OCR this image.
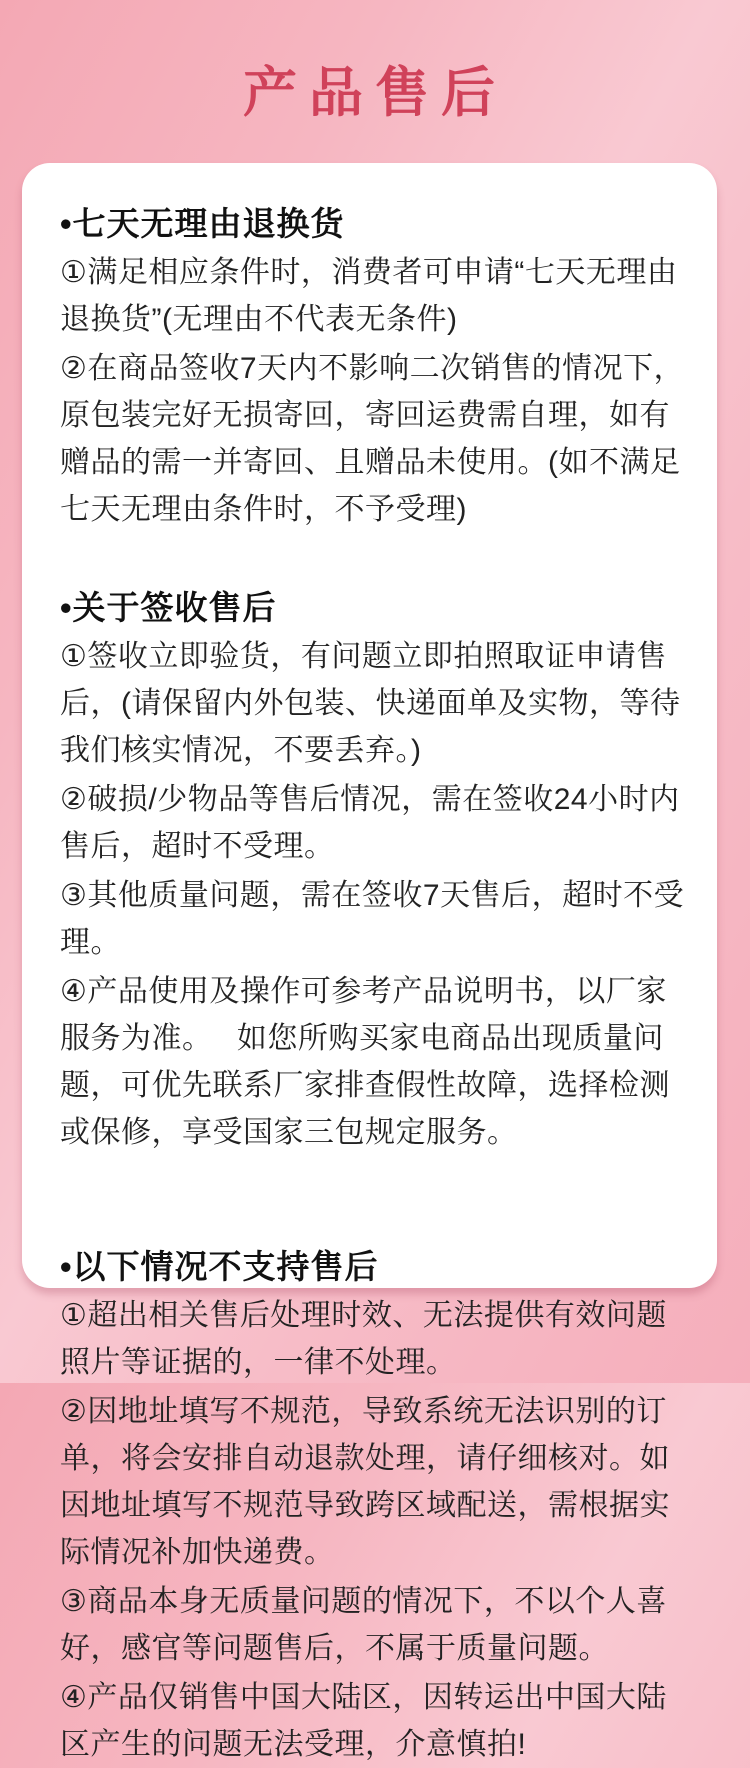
产品售后
•七天无理由退换货

①满足相应条件时，消费者可申请“七天无理由退换货”(无理由不代表无条件)

②在商品签收7天内不影响二次销售的情况下，原包装完好无损寄回，寄回运费需自理，如有赠品的需一并寄回、且赠品未使用。(如不满足七天无理由条件时，不予受理)

•关于签收售后

①签收立即验货，有问题立即拍照取证申请售后，(请保留内外包装、快递面单及实物，等待我们核实情况，不要丢弃。)

②破损/少物品等售后情况，需在签收24小时内售后，超时不受理。

③其他质量问题，需在签收7天售后，超时不受理。

④产品使用及操作可参考产品说明书，以厂家服务为准。　 如您所购买家电商品出现质量问题，可优先联系厂家排查假性故障，选择检测或保修，享受国家三包规定服务。

•以下情况不支持售后

①超出相关售后处理时效、无法提供有效问题照片等证据的，一律不处理。

②因地址填写不规范，导致系统无法识别的订单，将会安排自动退款处理，请仔细核对。如因地址填写不规范导致跨区域配送，需根据实际情况补加快递费。

③商品本身无质量问题的情况下，不以个人喜好，感官等问题售后，不属于质量问题。

④产品仅销售中国大陆区，因转运出中国大陆区产生的问题无法受理，介意慎拍!
